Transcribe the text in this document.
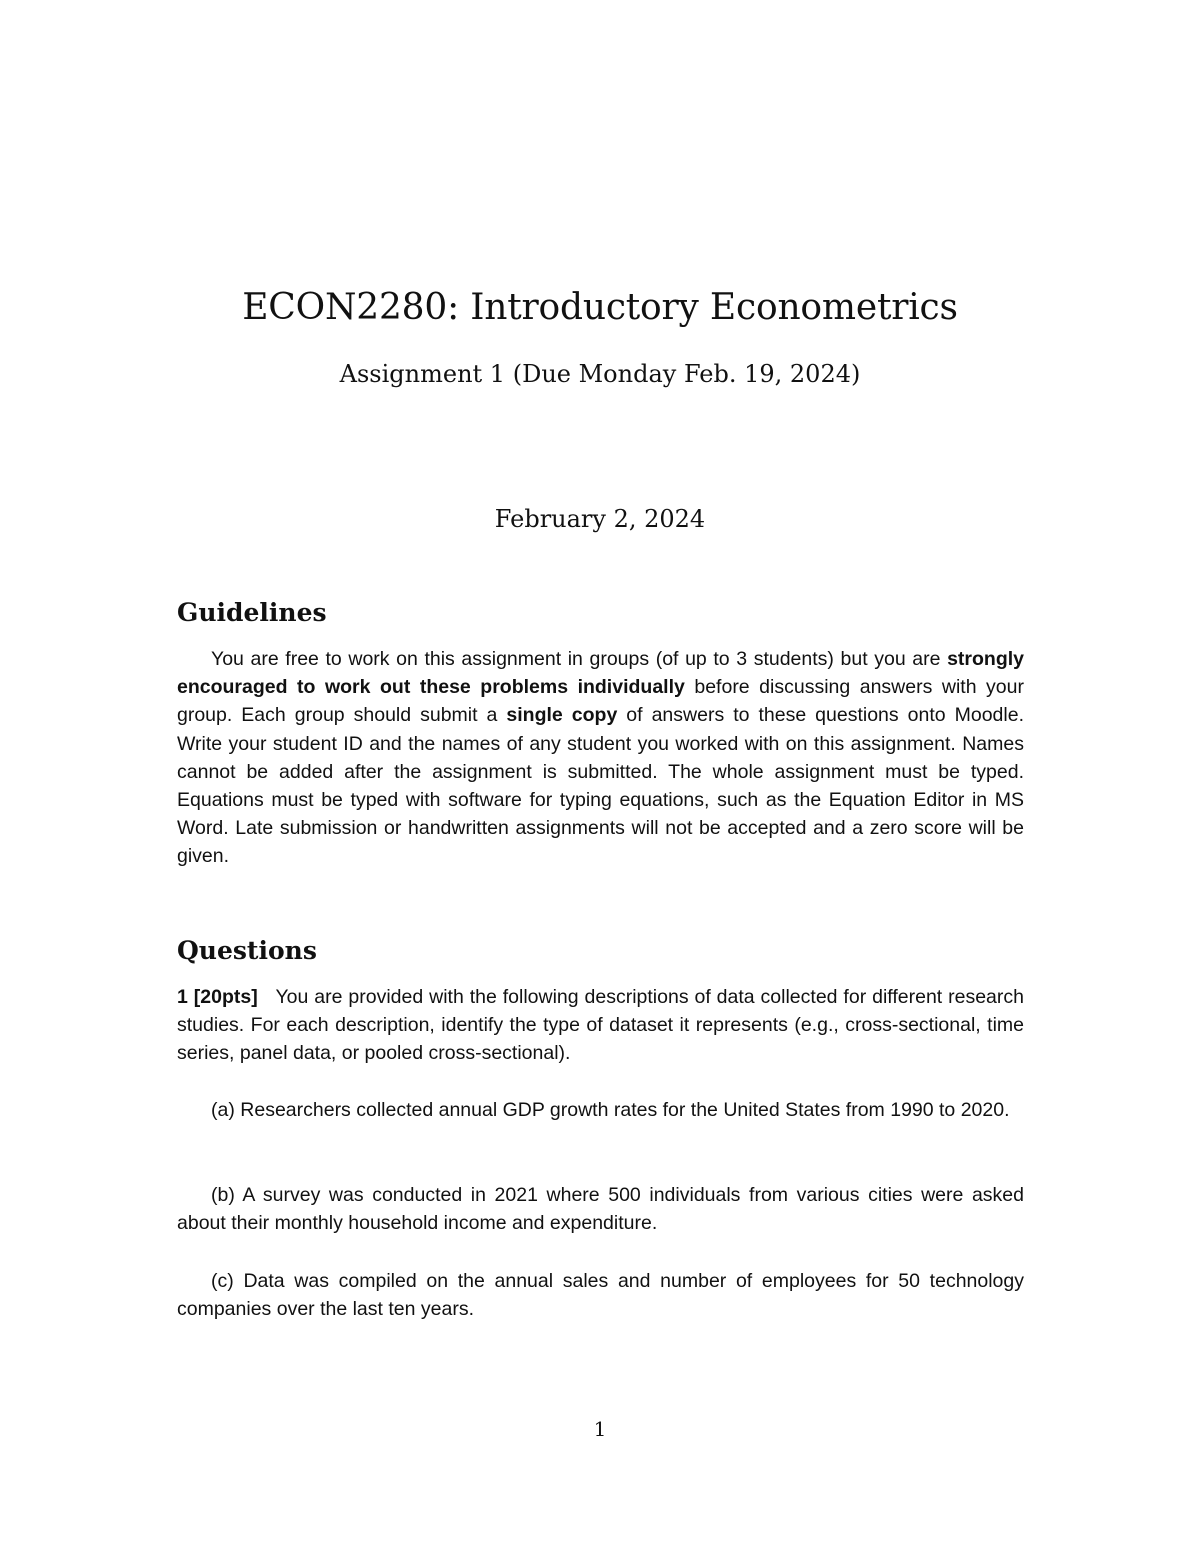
ECON2280: Introductory Econometrics
Assignment 1 (Due Monday Feb. 19, 2024)
February 2, 2024
Guidelines

You are free to work on this assignment in groups (of up to 3 students) but you are strongly encouraged to work out these problems individually before discussing answers with your group. Each group should submit a single copy of answers to these questions onto Moodle. Write your student ID and the names of any student you worked with on this assignment. Names cannot be added after the assignment is submitted. The whole assignment must be typed. Equations must be typed with software for typing equations, such as the Equation Editor in MS Word. Late submission or handwritten assignments will not be accepted and a zero score will be given.

Questions

1 [20pts] You are provided with the following descriptions of data collected for different research studies. For each description, identify the type of dataset it represents (e.g., cross-sectional, time series, panel data, or pooled cross-sectional).

(a) Researchers collected annual GDP growth rates for the United States from 1990 to 2020.

(b) A survey was conducted in 2021 where 500 individuals from various cities were asked about their monthly household income and expenditure.

(c) Data was compiled on the annual sales and number of employees for 50 technology companies over the last ten years.

1
